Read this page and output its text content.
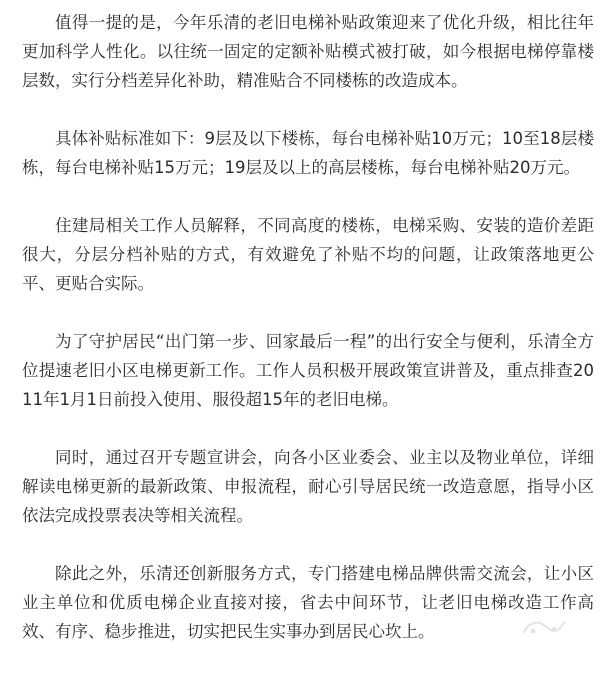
值得一提的是，今年乐清的老旧电梯补贴政策迎来了优化升级，相比往年更加科学人性化。以往统一固定的定额补贴模式被打破，如今根据电梯停靠楼层数，实行分档差异化补助，精准贴合不同楼栋的改造成本。

具体补贴标准如下：9层及以下楼栋，每台电梯补贴10万元；10至18层楼栋，每台电梯补贴15万元；19层及以上的高层楼栋，每台电梯补贴20万元。

住建局相关工作人员解释，不同高度的楼栋，电梯采购、安装的造价差距很大，分层分档补贴的方式，有效避免了补贴不均的问题，让政策落地更公平、更贴合实际。

为了守护居民“出门第一步、回家最后一程”的出行安全与便利，乐清全方位提速老旧小区电梯更新工作。工作人员积极开展政策宣讲普及，重点排查2011年1月1日前投入使用、服役超15年的老旧电梯。

同时，通过召开专题宣讲会，向各小区业委会、业主以及物业单位，详细解读电梯更新的最新政策、申报流程，耐心引导居民统一改造意愿，指导小区依法完成投票表决等相关流程。

除此之外，乐清还创新服务方式，专门搭建电梯品牌供需交流会，让小区业主单位和优质电梯企业直接对接，省去中间环节，让老旧电梯改造工作高效、有序、稳步推进，切实把民生实事办到居民心坎上。
